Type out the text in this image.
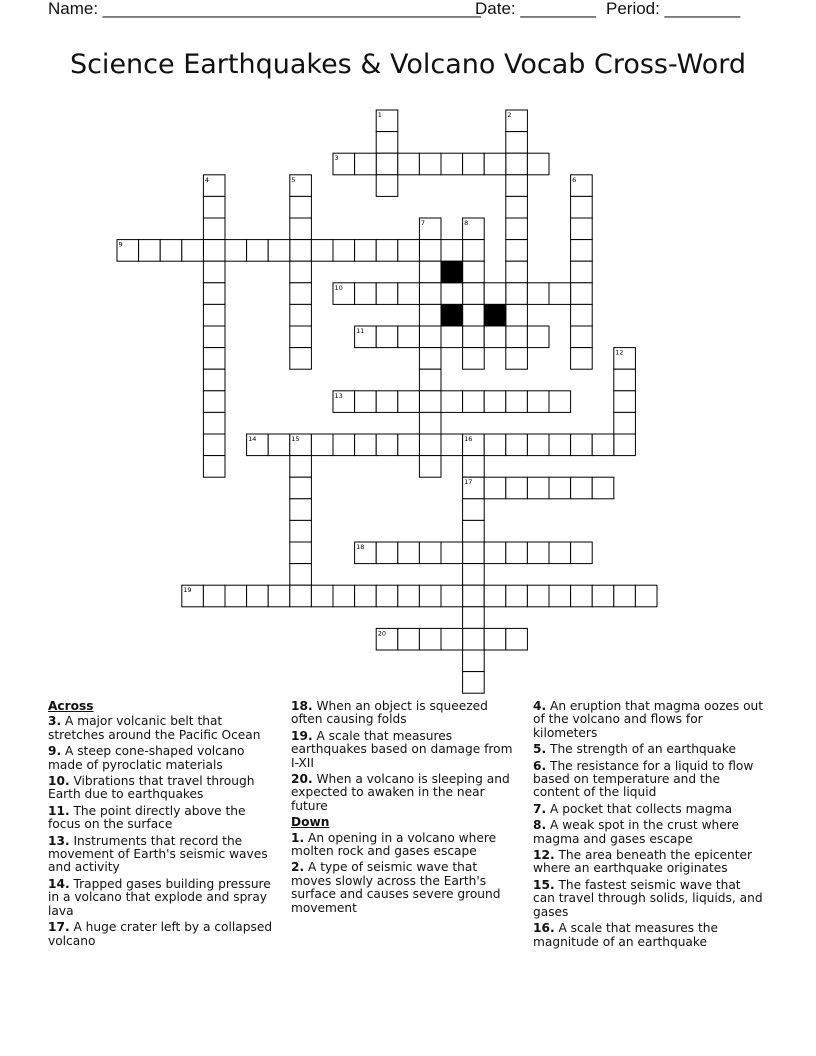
Name: ________________________________________
Date: ________ Period: ________
Science Earthquakes & Volcano Vocab Cross-Word
1	2
3
4	5	6
7	8
9
10
11
12
13
14	15	16
17
18
19
20
Across
3. A major volcanic belt that stretches around the Pacific Ocean
9. A steep cone-shaped volcano made of pyroclatic materials
10. Vibrations that travel through Earth due to earthquakes
11. The point directly above the focus on the surface
13. Instruments that record the movement of Earth's seismic waves and activity
14. Trapped gases building pressure in a volcano that explode and spray lava
17. A huge crater left by a collapsed volcano
18. When an object is squeezed often causing folds
19. A scale that measures earthquakes based on damage from I-XII
20. When a volcano is sleeping and expected to awaken in the near future
Down
1. An opening in a volcano where molten rock and gases escape
2. A type of seismic wave that moves slowly across the Earth's surface and causes severe ground movement
4. An eruption that magma oozes out of the volcano and flows for kilometers
5. The strength of an earthquake
6. The resistance for a liquid to flow based on temperature and the content of the liquid
7. A pocket that collects magma
8. A weak spot in the crust where magma and gases escape
12. The area beneath the epicenter where an earthquake originates
15. The fastest seismic wave that can travel through solids, liquids, and gases
16. A scale that measures the magnitude of an earthquake
